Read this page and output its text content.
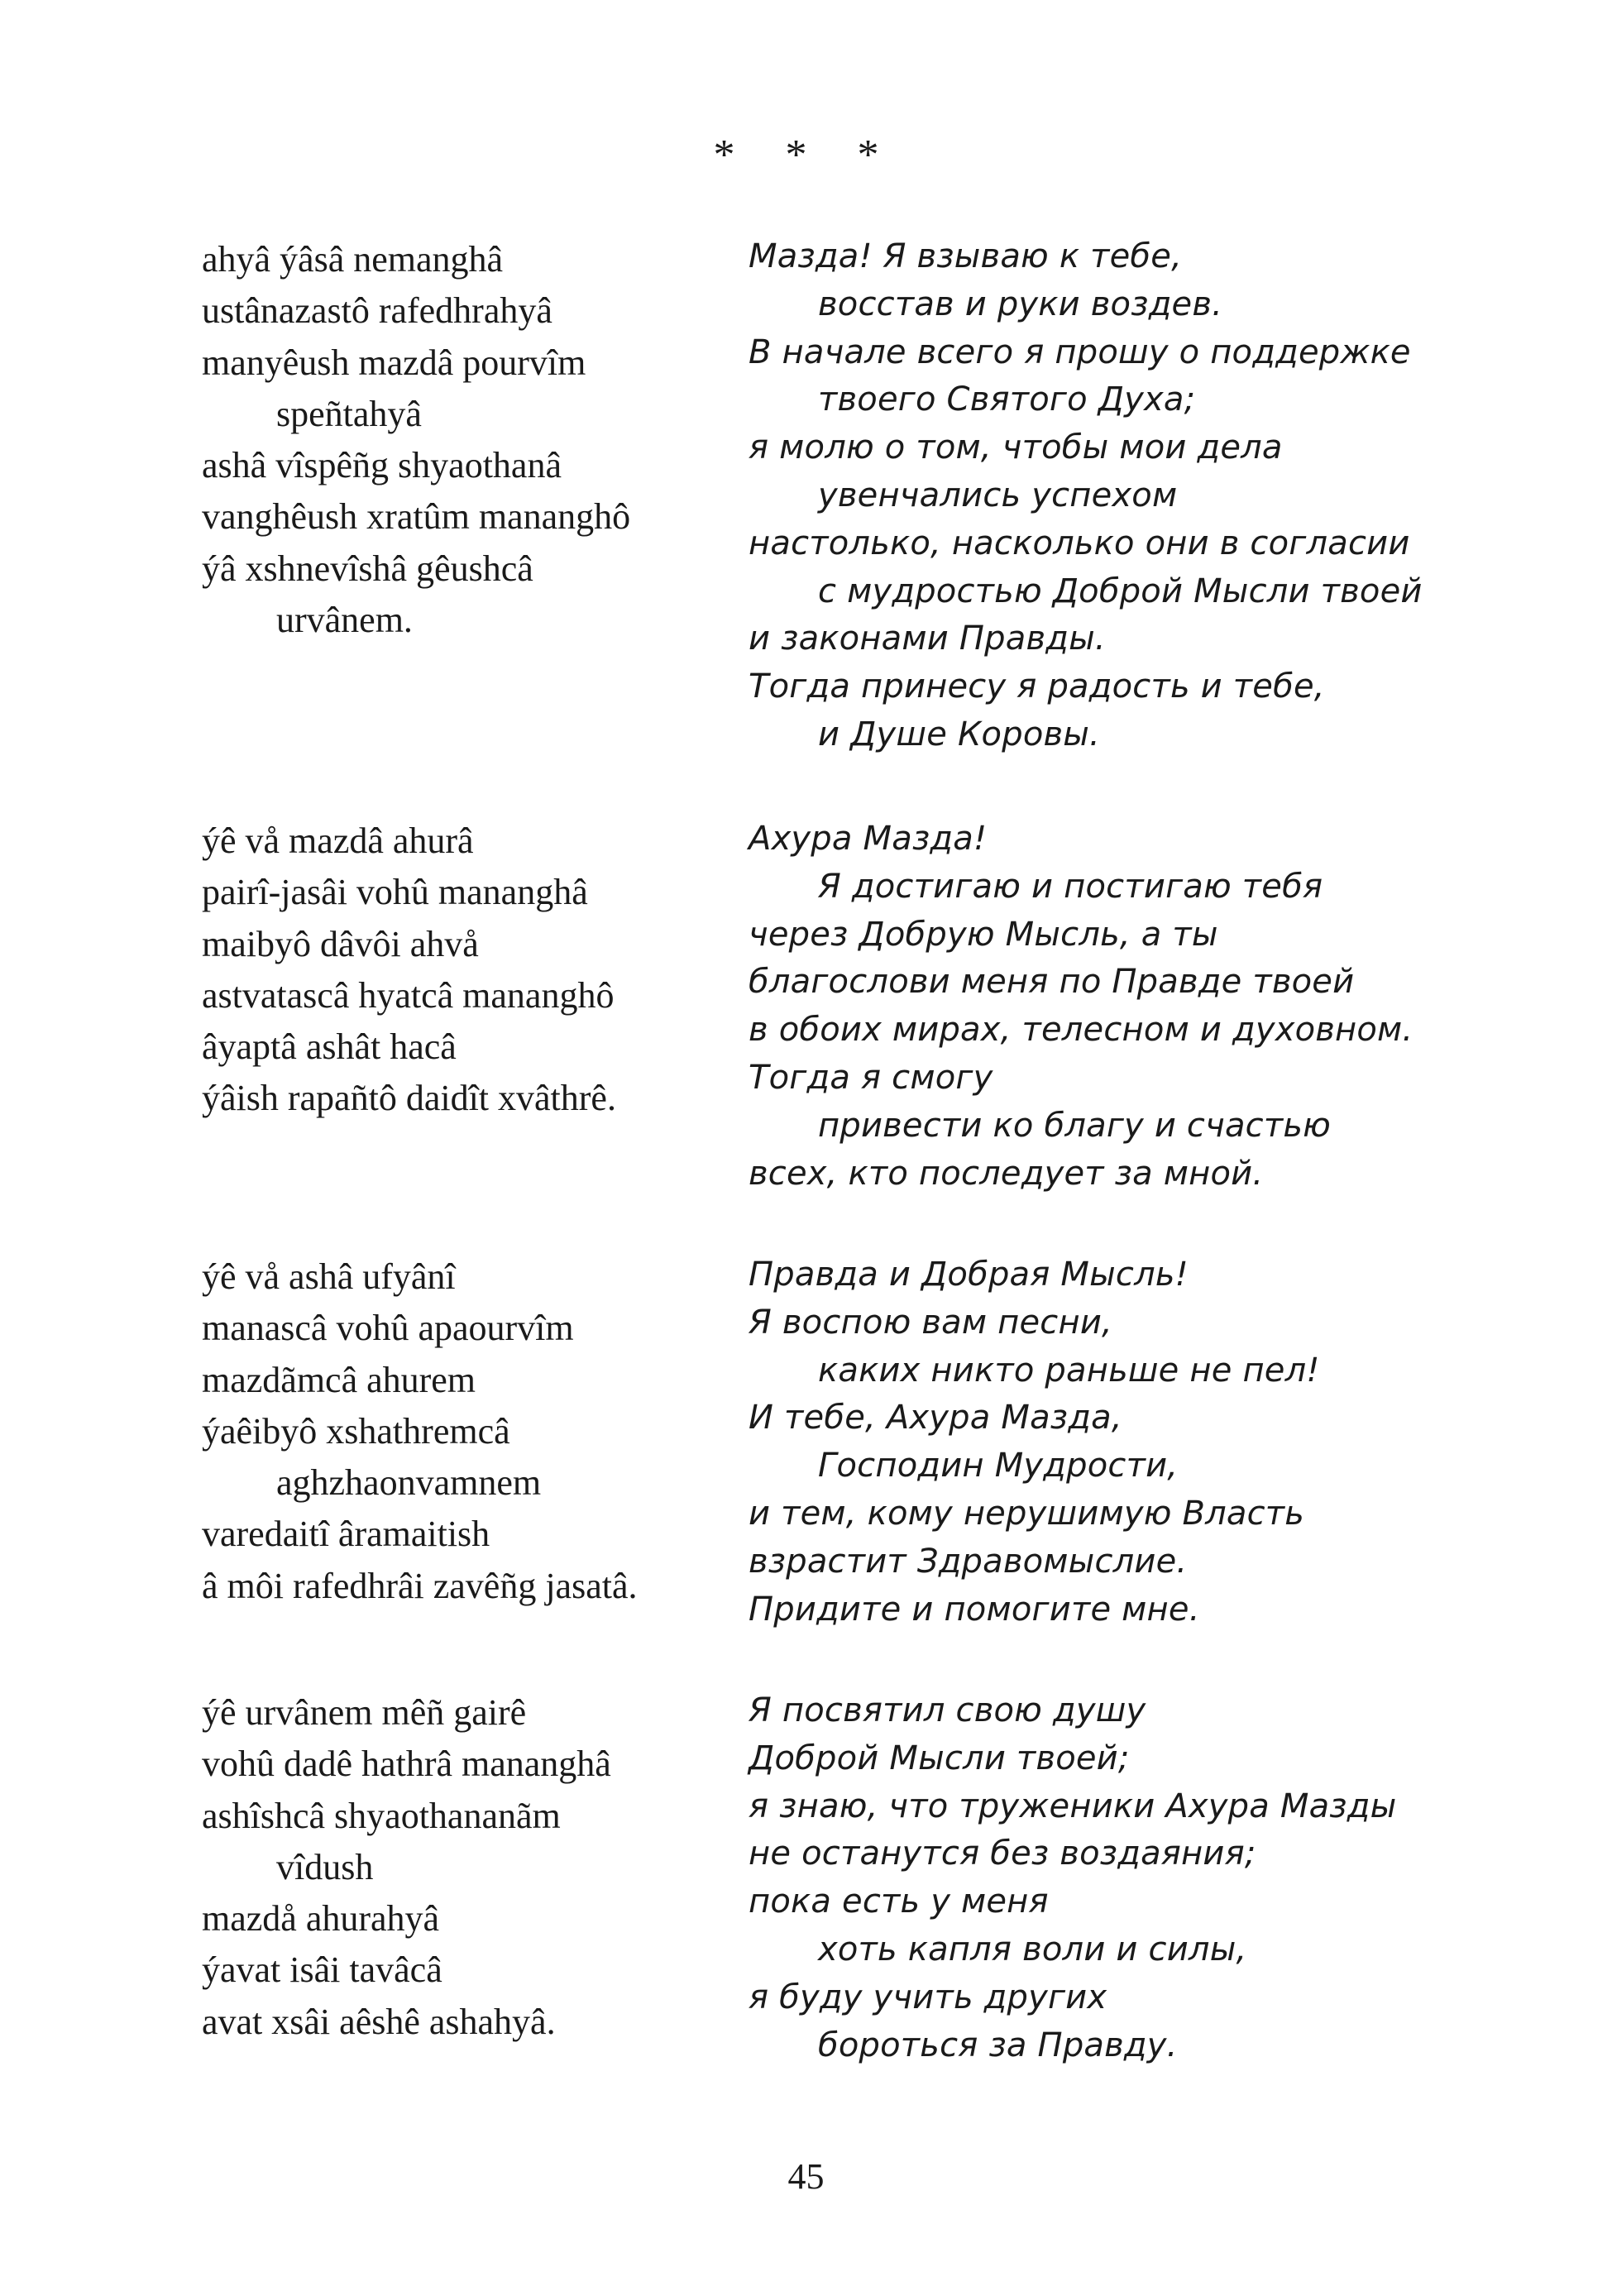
* * *
ahyâ ýâsâ nemanghâ
ustânazastô rafedhrahyâ
manyêush mazdâ pourvîm
speñtahyâ
ashâ vîspêñg shyaothanâ
vanghêush xratûm mananghô
ýâ xshnevîshâ gêushcâ
urvânem.
Мазда! Я взываю к тебе,
восстав и руки воздев.
В начале всего я прошу о поддержке
твоего Святого Духа;
я молю о том, чтобы мои дела
увенчались успехом
настолько, насколько они в согласии
с мудростью Доброй Мысли твоей
и законами Правды.
Тогда принесу я радость и тебе,
и Душе Коровы.
ýê vå mazdâ ahurâ
pairî-jasâi vohû mananghâ
maibyô dâvôi ahvå
astvatascâ hyatcâ mananghô
âyaptâ ashât hacâ
ýâish rapañtô daidît xvâthrê.
Ахура Мазда!
Я достигаю и постигаю тебя
через Добрую Мысль, а ты
благослови меня по Правде твоей
в обоих мирах, телесном и духовном.
Тогда я смогу
привести ко благу и счастью
всех, кто последует за мной.
ýê vå ashâ ufyânî
manascâ vohû apaourvîm
mazdãmcâ ahurem
ýaêibyô xshathremcâ
aghzhaonvamnem
varedaitî âramaitish
â môi rafedhrâi zavêñg jasatâ.
Правда и Добрая Мысль!
Я воспою вам песни,
каких никто раньше не пел!
И тебе, Ахура Мазда,
Господин Мудрости,
и тем, кому нерушимую Власть
взрастит Здравомыслие.
Придите и помогите мне.
ýê urvânem mêñ gairê
vohû dadê hathrâ mananghâ
ashîshcâ shyaothananãm
vîdush
mazdå ahurahyâ
ýavat isâi tavâcâ
avat xsâi aêshê ashahyâ.
Я посвятил свою душу
Доброй Мысли твоей;
я знаю, что труженики Ахура Мазды
не останутся без воздаяния;
пока есть у меня
хоть капля воли и силы,
я буду учить других
бороться за Правду.
45
